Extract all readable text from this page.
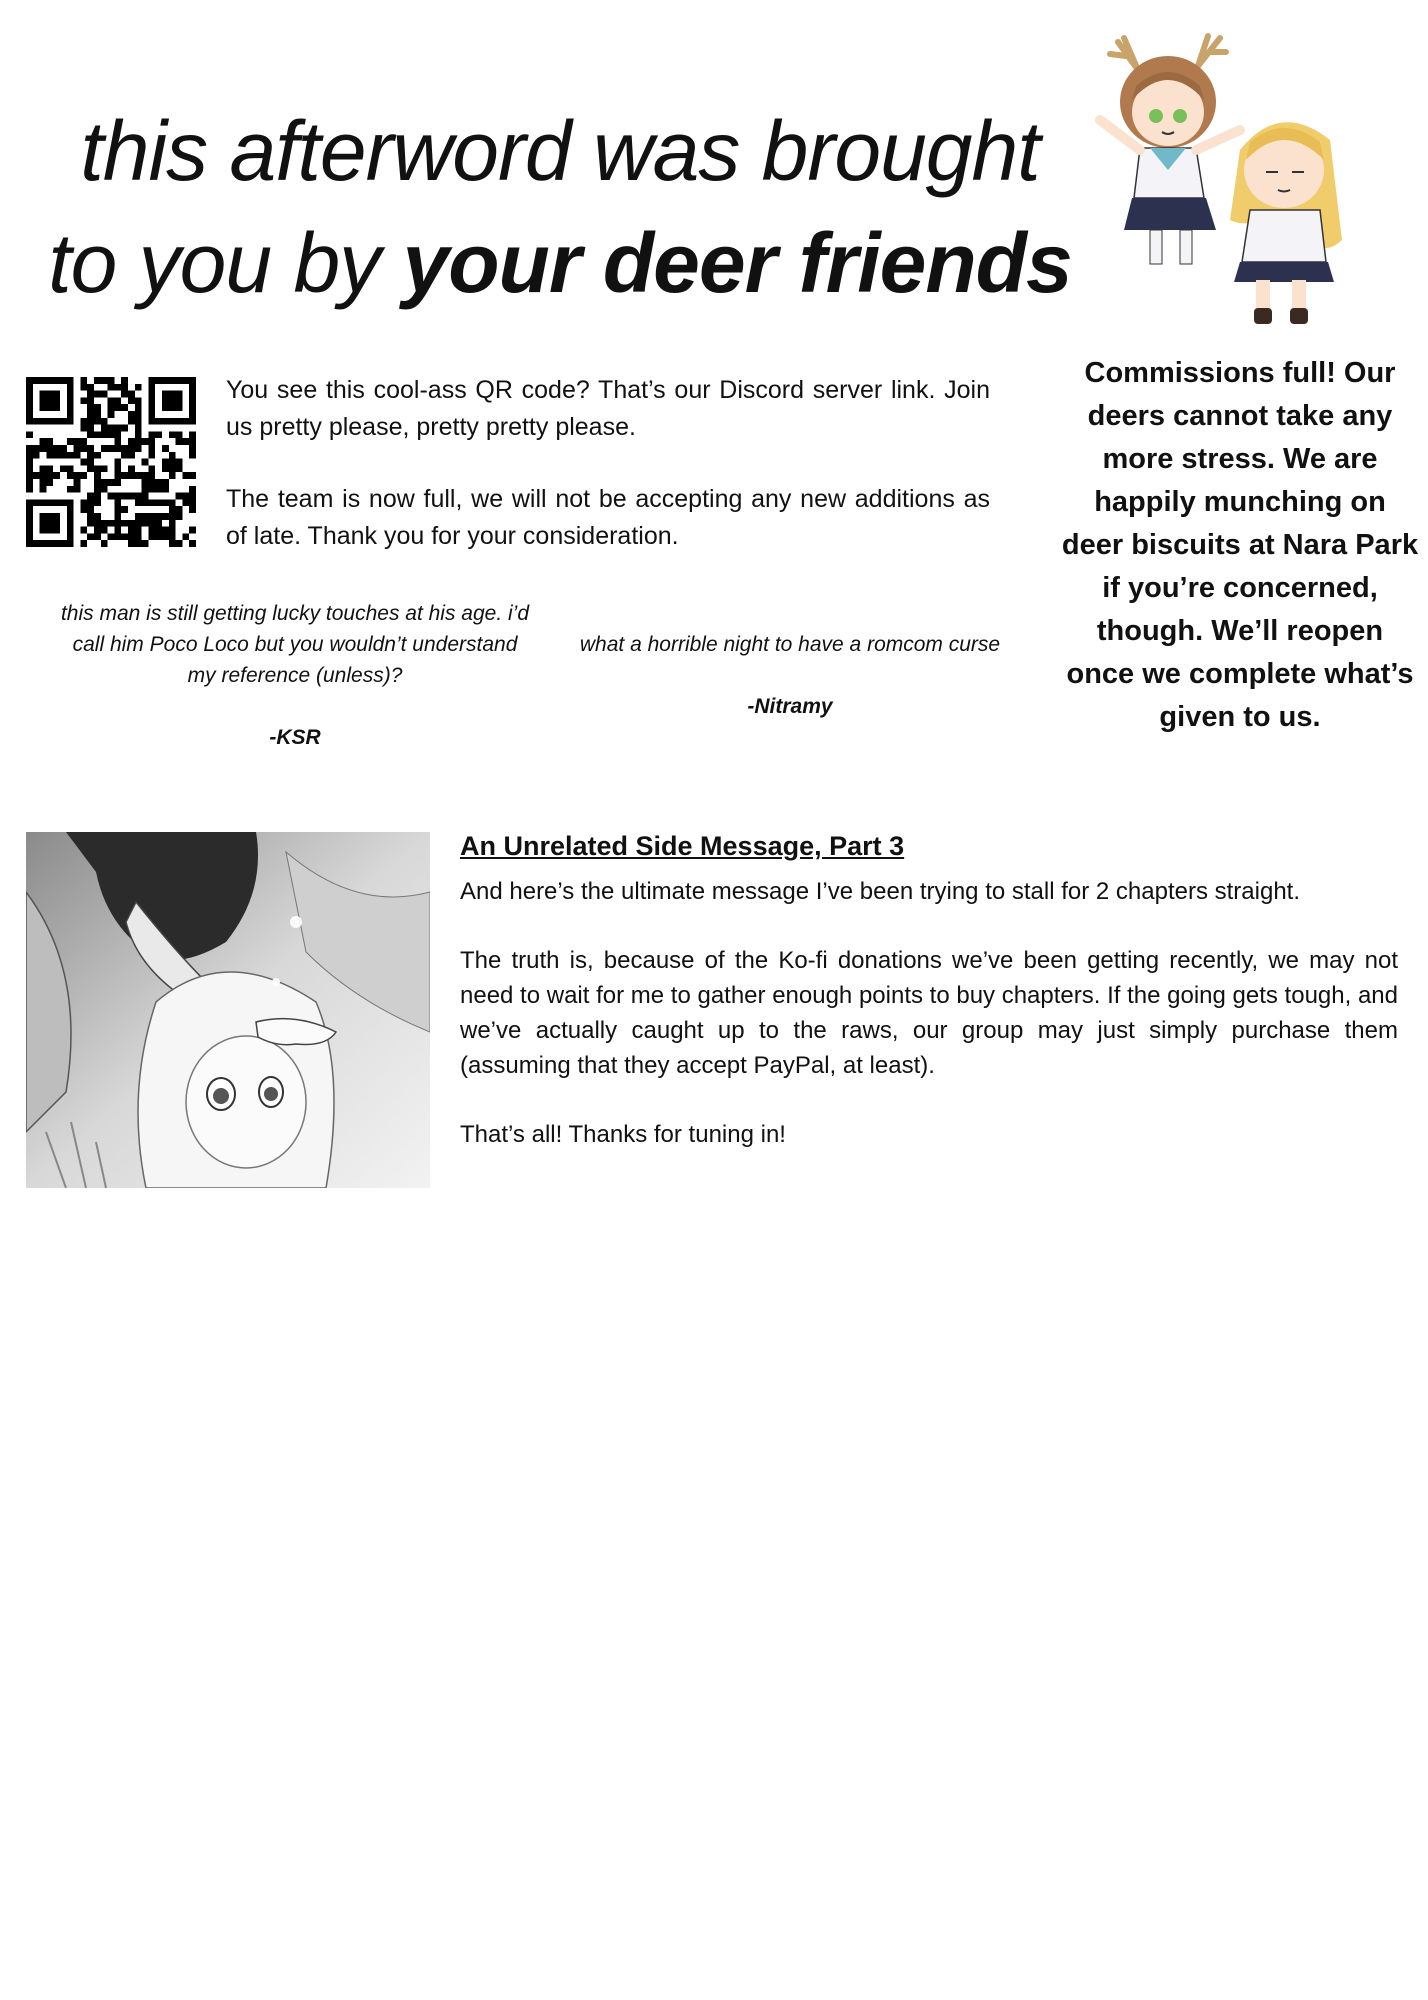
this afterword was brought
to you by your deer friends

You see this cool-ass QR code? That’s our Discord server link. Join us pretty please, pretty pretty please.

The team is now full, we will not be accepting any new additions as of late. Thank you for your consideration.

this man is still getting lucky touches at his age. i’d call him Poco Loco but you wouldn’t understand my reference (unless)?
-KSR
what a horrible night to have a romcom curse
-Nitramy
Commissions full! Our deers cannot take any more stress. We are happily munching on deer biscuits at Nara Park if you’re concerned, though. We’ll reopen once we complete what’s given to us.
An Unrelated Side Message, Part 3

And here’s the ultimate message I’ve been trying to stall for 2 chapters straight.

The truth is, because of the Ko-fi donations we’ve been getting recently, we may not need to wait for me to gather enough points to buy chapters. If the going gets tough, and we’ve actually caught up to the raws, our group may just simply purchase them (assuming that they accept PayPal, at least).

That’s all! Thanks for tuning in!
